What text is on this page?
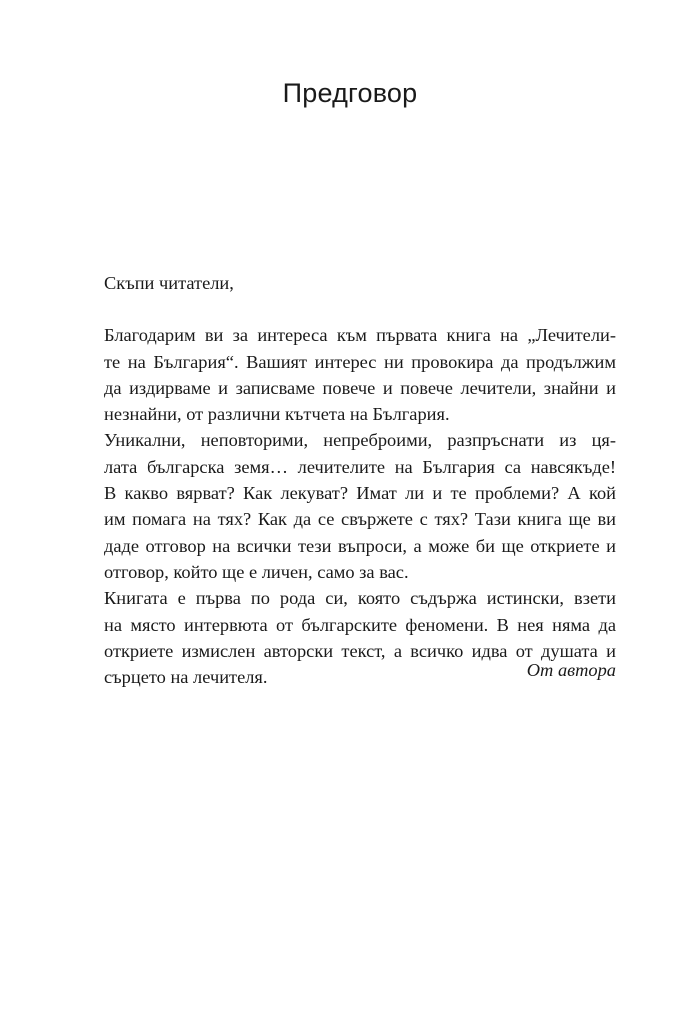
Предговор

Скъпи читатели,

Благодарим ви за интереса към първата книга на „Лечители-
те на България“. Вашият интерес ни провокира да продължим
да издирваме и записваме повече и повече лечители, знайни и
незнайни, от различни кътчета на България.

Уникални, неповторими, непреброими, разпръснати из ця-
лата българска земя… лечителите на България са навсякъде!
В какво вярват? Как лекуват? Имат ли и те проблеми? А кой
им помага на тях? Как да се свържете с тях? Тази книга ще ви
даде отговор на всички тези въпроси, а може би ще откриете и
отговор, който ще е личен, само за вас.

Книгата е първа по рода си, която съдържа истински, взети
на място интервюта от българските феномени. В нея няма да
откриете измислен авторски текст, а всичко идва от душата и
сърцето на лечителя.	От автора
